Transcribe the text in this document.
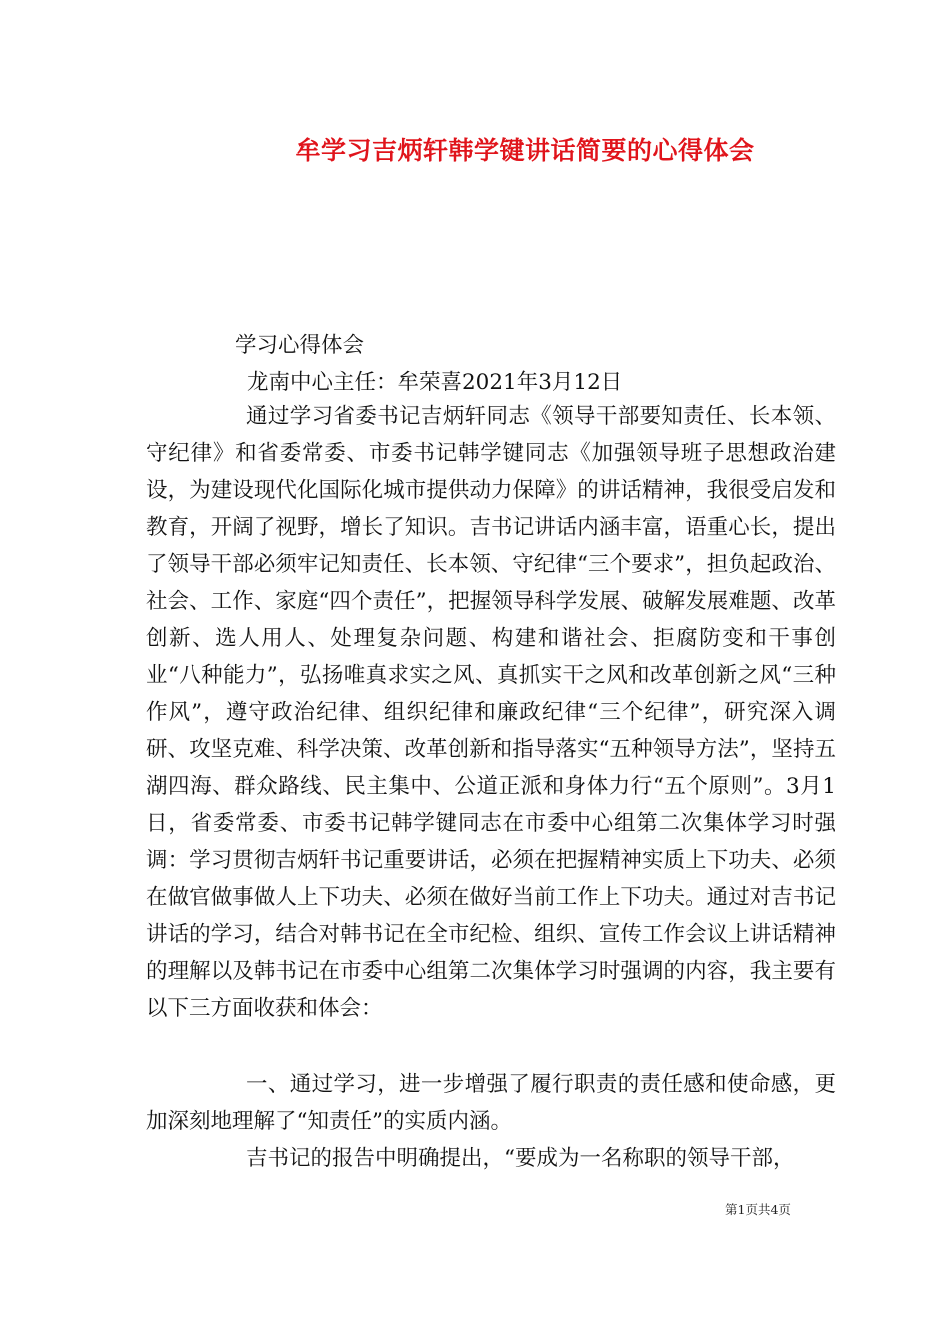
牟学习吉炳轩韩学键讲话简要的心得体会
学习心得体会
龙南中心主任：牟荣喜2021年3月12日

通过学习省委书记吉炳轩同志《领导干部要知责任、长本领、守纪律》和省委常委、市委书记韩学键同志《加强领导班子思想政治建设，为建设现代化国际化城市提供动力保障》的讲话精神，我很受启发和教育，开阔了视野，增长了知识。吉书记讲话内涵丰富，语重心长，提出了领导干部必须牢记知责任、长本领、守纪律“三个要求”，担负起政治、社会、工作、家庭“四个责任”，把握领导科学发展、破解发展难题、改革创新、选人用人、处理复杂问题、构建和谐社会、拒腐防变和干事创业“八种能力”，弘扬唯真求实之风、真抓实干之风和改革创新之风“三种作风”，遵守政治纪律、组织纪律和廉政纪律“三个纪律”，研究深入调研、攻坚克难、科学决策、改革创新和指导落实“五种领导方法”，坚持五湖四海、群众路线、民主集中、公道正派和身体力行“五个原则”。3月1日，省委常委、市委书记韩学键同志在市委中心组第二次集体学习时强调：学习贯彻吉炳轩书记重要讲话，必须在把握精神实质上下功夫、必须在做官做事做人上下功夫、必须在做好当前工作上下功夫。通过对吉书记讲话的学习，结合对韩书记在全市纪检、组织、宣传工作会议上讲话精神的理解以及韩书记在市委中心组第二次集体学习时强调的内容，我主要有以下三方面收获和体会：

一、通过学习，进一步增强了履行职责的责任感和使命感，更加深刻地理解了“知责任”的实质内涵。

吉书记的报告中明确提出，“要成为一名称职的领导干部，

第1页共4页
